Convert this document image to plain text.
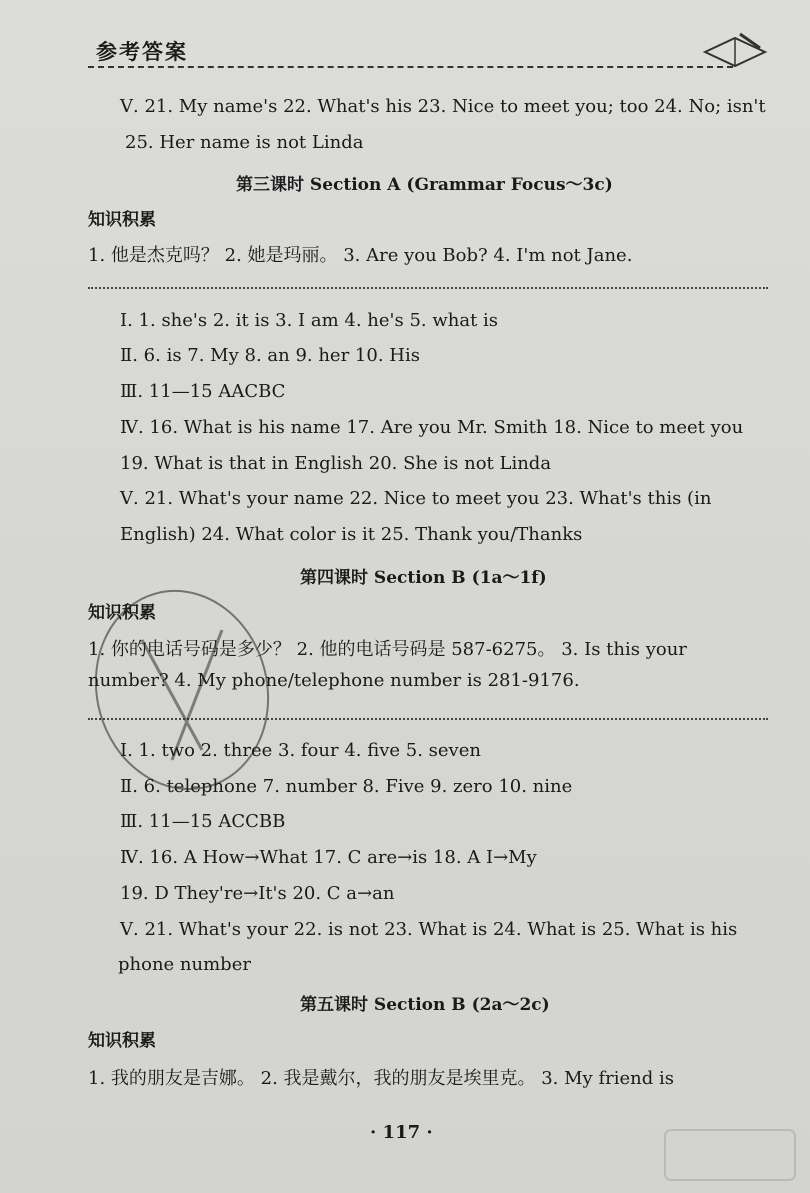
参考答案
Ⅴ. 21. My name's 22. What's his 23. Nice to meet you; too 24. No; isn't
25. Her name is not Linda
第三课时 Section A (Grammar Focus～3c)
知识积累
1. 他是杰克吗？ 2. 她是玛丽。 3. Are you Bob? 4. I'm not Jane.
Ⅰ. 1. she's 2. it is 3. I am 4. he's 5. what is
Ⅱ. 6. is 7. My 8. an 9. her 10. His
Ⅲ. 11—15 AACBC
Ⅳ. 16. What is his name 17. Are you Mr. Smith 18. Nice to meet you
19. What is that in English 20. She is not Linda
Ⅴ. 21. What's your name 22. Nice to meet you 23. What's this (in
English) 24. What color is it 25. Thank you/Thanks
第四课时 Section B (1a～1f)
知识积累
1. 你的电话号码是多少？ 2. 他的电话号码是 587-6275。 3. Is this your
number? 4. My phone/telephone number is 281-9176.
Ⅰ. 1. two 2. three 3. four 4. five 5. seven
Ⅱ. 6. telephone 7. number 8. Five 9. zero 10. nine
Ⅲ. 11—15 ACCBB
Ⅳ. 16. A How→What 17. C are→is 18. A I→My
19. D They're→It's 20. C a→an
Ⅴ. 21. What's your 22. is not 23. What is 24. What is 25. What is his
phone number
第五课时 Section B (2a～2c)
知识积累
1. 我的朋友是吉娜。 2. 我是戴尔，我的朋友是埃里克。 3. My friend is
· 117 ·
